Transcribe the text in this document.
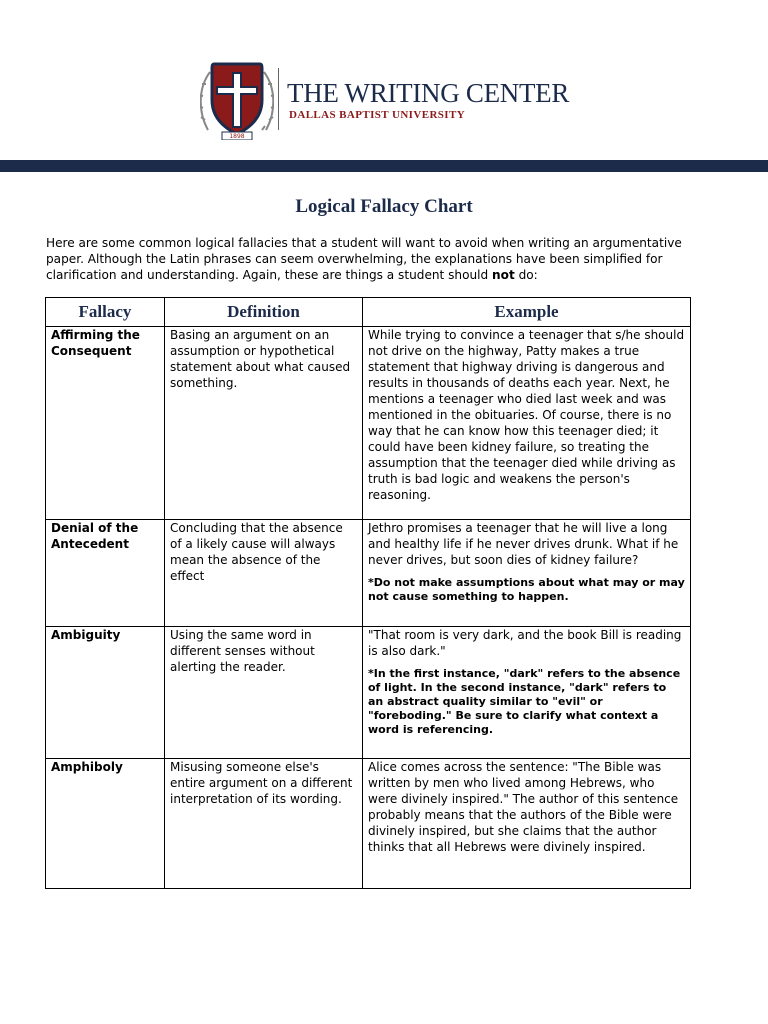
1898
THE WRITING CENTER
DALLAS BAPTIST UNIVERSITY
Logical Fallacy Chart
Here are some common logical fallacies that a student will want to avoid when writing an argumentative paper. Although the Latin phrases can seem overwhelming, the explanations have been simplified for clarification and understanding. Again, these are things a student should not do:
Fallacy	Definition	Example
Affirming the Consequent	Basing an argument on an assumption or hypothetical statement about what caused something.	While trying to convince a teenager that s/he should not drive on the highway, Patty makes a true statement that highway driving is dangerous and results in thousands of deaths each year. Next, he mentions a teenager who died last week and was mentioned in the obituaries. Of course, there is no way that he can know how this teenager died; it could have been kidney failure, so treating the assumption that the teenager died while driving as truth is bad logic and weakens the person's reasoning.

Denial of the Antecedent	Concluding that the absence of a likely cause will always mean the absence of the effect	Jethro promises a teenager that he will live a long and healthy life if he never drives drunk. What if he never drives, but soon dies of kidney failure?

*Do not make assumptions about what may or may not cause something to happen.

Ambiguity	Using the same word in different senses without alerting the reader.	"That room is very dark, and the book Bill is reading is also dark."

*In the first instance, "dark" refers to the absence of light. In the second instance, "dark" refers to an abstract quality similar to "evil" or "foreboding." Be sure to clarify what context a word is referencing.

Amphiboly	Misusing someone else's entire argument on a different interpretation of its wording.	Alice comes across the sentence: "The Bible was written by men who lived among Hebrews, who were divinely inspired." The author of this sentence probably means that the authors of the Bible were divinely inspired, but she claims that the author thinks that all Hebrews were divinely inspired.
